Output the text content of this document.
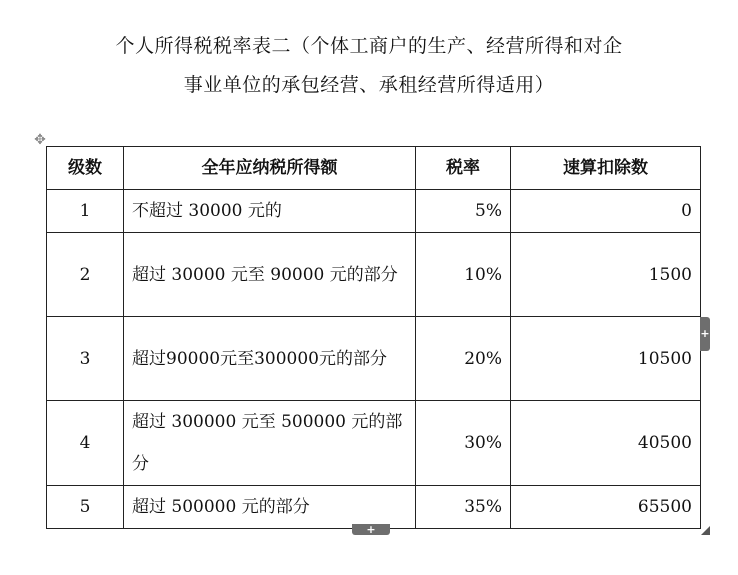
个人所得税税率表二（个体工商户的生产、经营所得和对企
事业单位的承包经营、承租经营所得适用）
✥
级数	全年应纳税所得额	税率	速算扣除数
1	不超过 30000 元的	5%	0
2	超过 30000 元至 90000 元的部分	10%	1500
3	超过90000元至300000元的部分	20%	10500
4	超过 300000 元至 500000 元的部分	30%	40500
5	超过 500000 元的部分	35%	65500
+
+
